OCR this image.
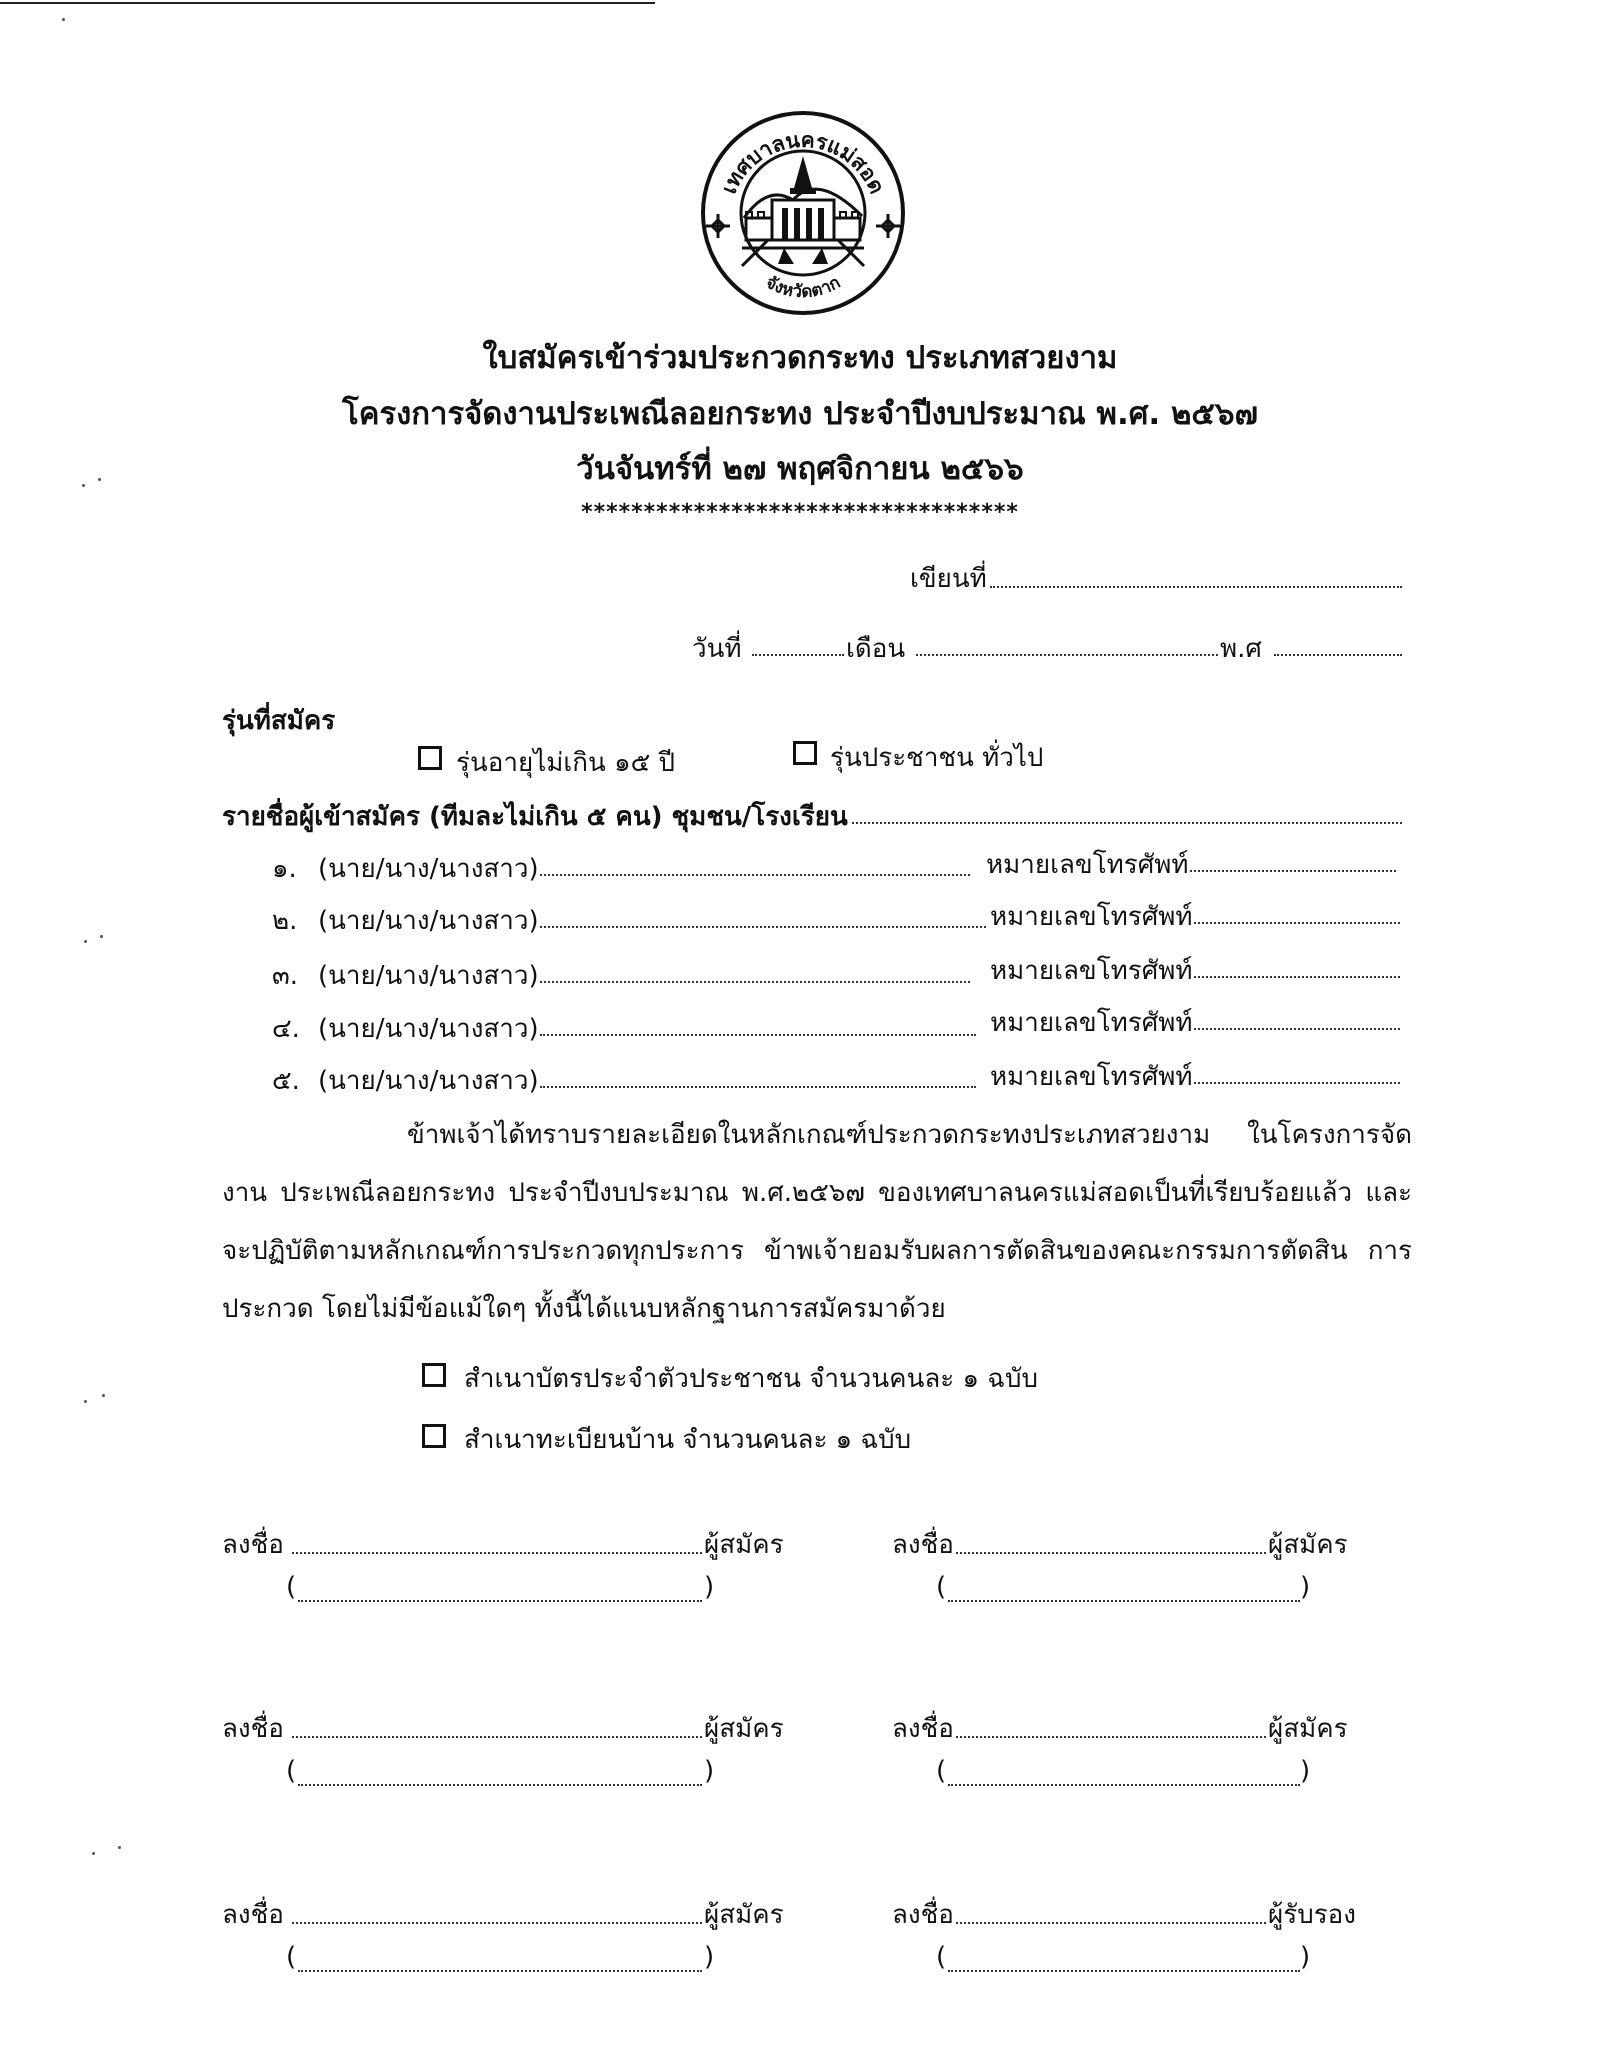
เทศบาลนครแม่สอด
จังหวัดตาก
ใบสมัครเข้าร่วมประกวดกระทง ประเภทสวยงาม
โครงการจัดงานประเพณีลอยกระทง ประจำปีงบประมาณ พ.ศ. ๒๕๖๗
วันจันทร์ที่ ๒๗ พฤศจิกายน ๒๕๖๖
***********************************
เขียนที่
วันที่	เดือน	พ.ศ
รุ่นที่สมัคร
รุ่นอายุไม่เกิน ๑๕ ปี	รุ่นประชาชน ทั่วไป
รายชื่อผู้เข้าสมัคร (ทีมละไม่เกิน ๕ คน) ชุมชน/โรงเรียน
๑. (นาย/นาง/นางสาว)	หมายเลขโทรศัพท์
๒. (นาย/นาง/นางสาว)	หมายเลขโทรศัพท์
๓. (นาย/นาง/นางสาว)	หมายเลขโทรศัพท์
๔. (นาย/นาง/นางสาว)	หมายเลขโทรศัพท์
๕. (นาย/นาง/นางสาว)	หมายเลขโทรศัพท์
ข้าพเจ้าได้ทราบรายละเอียดในหลักเกณฑ์ประกวดกระทงประเภทสวยงาม ในโครงการจัดงาน ประเพณีลอยกระทง ประจำปีงบประมาณ พ.ศ.๒๕๖๗ ของเทศบาลนครแม่สอดเป็นที่เรียบร้อยแล้ว และจะปฏิบัติตามหลักเกณฑ์การประกวดทุกประการ ข้าพเจ้ายอมรับผลการตัดสินของคณะกรรมการตัดสิน การประกวด โดยไม่มีข้อแม้ใดๆ ทั้งนี้ได้แนบหลักฐานการสมัครมาด้วย
สำเนาบัตรประจำตัวประชาชน จำนวนคนละ ๑ ฉบับ
สำเนาทะเบียนบ้าน จำนวนคนละ ๑ ฉบับ
ลงชื่อ	ผู้สมัคร
(	)
ลงชื่อ	ผู้สมัคร
(	)
ลงชื่อ	ผู้สมัคร
(	)
ลงชื่อ	ผู้สมัคร
(	)
ลงชื่อ	ผู้สมัคร
(	)
ลงชื่อ	ผู้รับรอง
(	)
